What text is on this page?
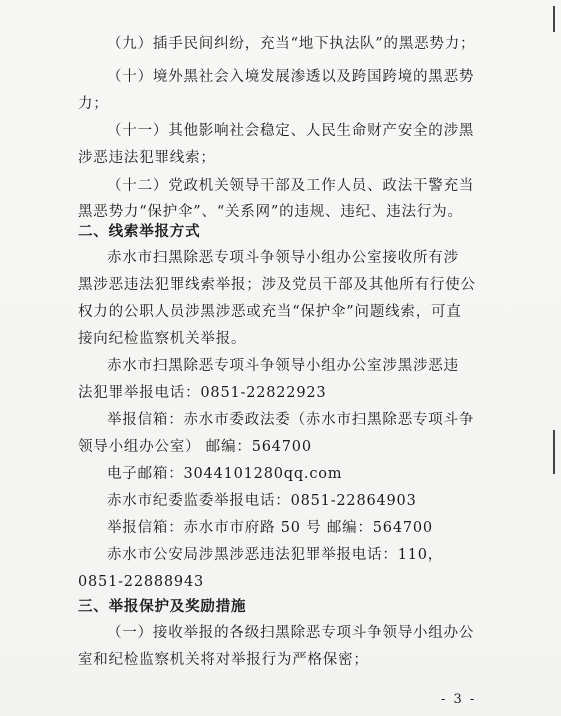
（九）插手民间纠纷，充当“地下执法队”的黑恶势力；
（十）境外黑社会入境发展渗透以及跨国跨境的黑恶势
力；
（十一）其他影响社会稳定、人民生命财产安全的涉黑
涉恶违法犯罪线索；
（十二）党政机关领导干部及工作人员、政法干警充当
黑恶势力“保护伞”、“关系网”的违规、违纪、违法行为。
二、线索举报方式
赤水市扫黑除恶专项斗争领导小组办公室接收所有涉
黑涉恶违法犯罪线索举报；涉及党员干部及其他所有行使公
权力的公职人员涉黑涉恶或充当“保护伞”问题线索，可直
接向纪检监察机关举报。
赤水市扫黑除恶专项斗争领导小组办公室涉黑涉恶违
法犯罪举报电话：0851-22822923
举报信箱：赤水市委政法委（赤水市扫黑除恶专项斗争
领导小组办公室） 邮编：564700
电子邮箱：3044101280qq.com
赤水市纪委监委举报电话：0851-22864903
举报信箱：赤水市市府路 50 号 邮编：564700
赤水市公安局涉黑涉恶违法犯罪举报电话：110，
0851-22888943
三、举报保护及奖励措施
（一）接收举报的各级扫黑除恶专项斗争领导小组办公
室和纪检监察机关将对举报行为严格保密；
- 3 -
